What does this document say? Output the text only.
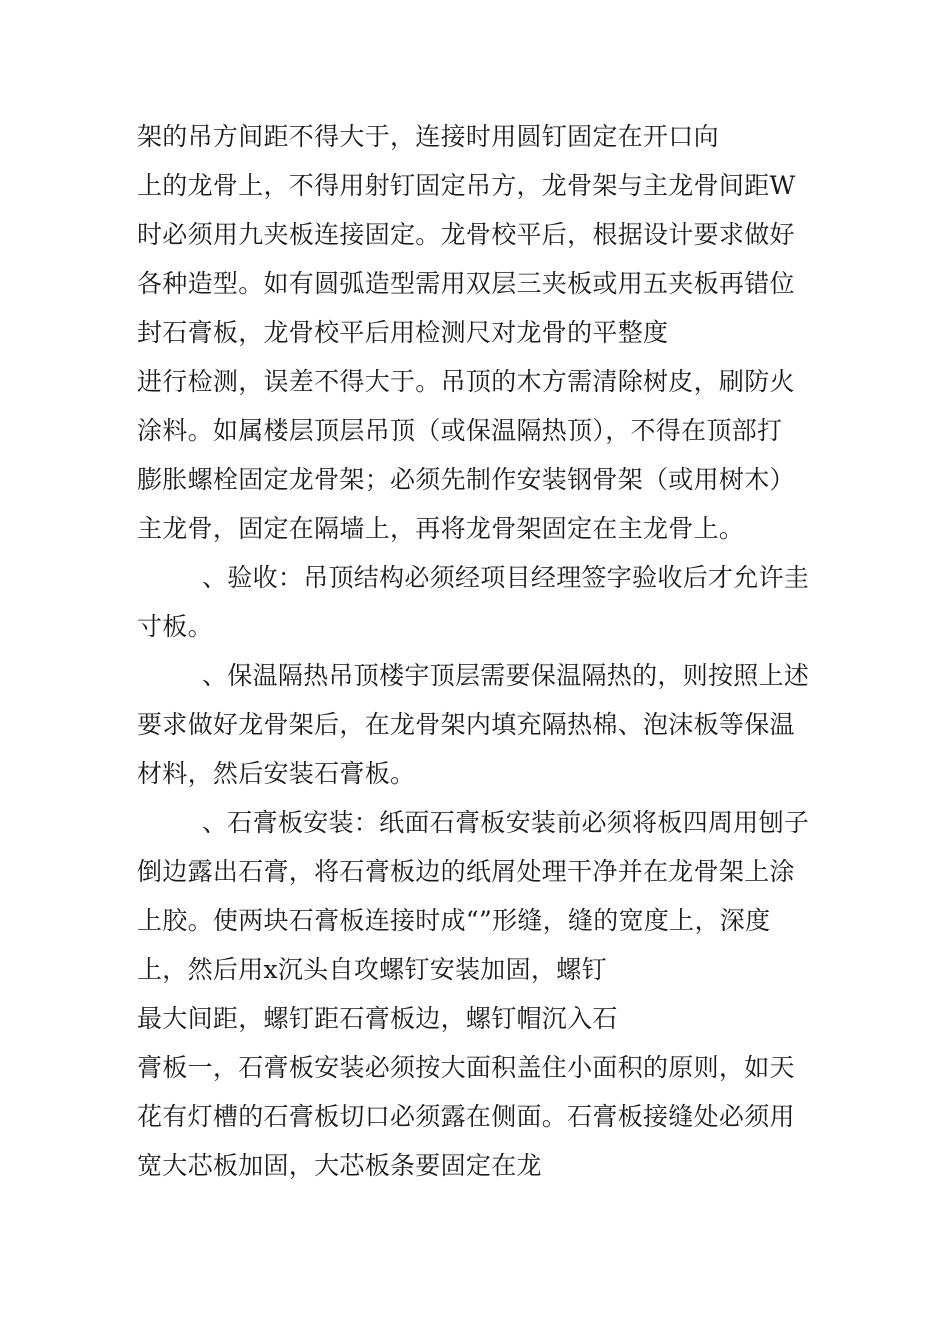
架的吊方间距不得大于，连接时用圆钉固定在开口向
上的龙骨上，不得用射钉固定吊方，龙骨架与主龙骨间距W
时必须用九夹板连接固定。龙骨校平后，根据设计要求做好
各种造型。如有圆弧造型需用双层三夹板或用五夹板再错位
封石膏板，龙骨校平后用检测尺对龙骨的平整度
进行检测，误差不得大于。吊顶的木方需清除树皮，刷防火
涂料。如属楼层顶层吊顶（或保温隔热顶），不得在顶部打
膨胀螺栓固定龙骨架；必须先制作安装钢骨架（或用树木）
主龙骨，固定在隔墙上，再将龙骨架固定在主龙骨上。
、验收：吊顶结构必须经项目经理签字验收后才允许圭
寸板。
、保温隔热吊顶楼宇顶层需要保温隔热的，则按照上述
要求做好龙骨架后，在龙骨架内填充隔热棉、泡沫板等保温
材料，然后安装石膏板。
、石膏板安装：纸面石膏板安装前必须将板四周用刨子
倒边露出石膏，将石膏板边的纸屑处理干净并在龙骨架上涂
上胶。使两块石膏板连接时成“”形缝，缝的宽度上，深度
上，然后用x沉头自攻螺钉安装加固，螺钉
最大间距，螺钉距石膏板边，螺钉帽沉入石
膏板一，石膏板安装必须按大面积盖住小面积的原则，如天
花有灯槽的石膏板切口必须露在侧面。石膏板接缝处必须用
宽大芯板加固，大芯板条要固定在龙
